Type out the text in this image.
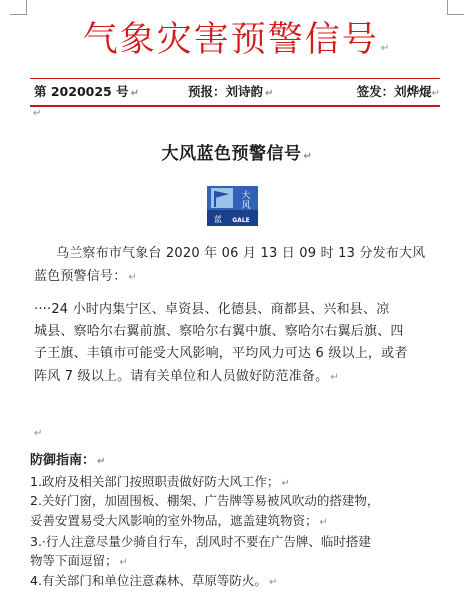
气象灾害预警信号 ↵
第 2020025 号 ↵	预报：刘诗韵 ↵	签发：刘烨焜↵
↵
大风蓝色预警信号 ↵
大
风
蓝 GALE
乌兰察布市气象台 2020 年 06 月 13 日 09 时 13 分发布大风
蓝色预警信号： ↵
····24 小时内集宁区、卓资县、化德县、商都县、兴和县、凉
城县、察哈尔右翼前旗、察哈尔右翼中旗、察哈尔右翼后旗、四
子王旗、丰镇市可能受大风影响，平均风力可达 6 级以上，或者
阵风 7 级以上。请有关单位和人员做好防范准备。 ↵
↵
防御指南： ↵
1.政府及相关部门按照职责做好防大风工作； ↵
2.关好门窗，加固围板、棚架、广告牌等易被风吹动的搭建物，
妥善安置易受大风影响的室外物品，遮盖建筑物资； ↵
3.·行人注意尽量少骑自行车，刮风时不要在广告牌、临时搭建
物等下面逗留； ↵
4.有关部门和单位注意森林、草原等防火。 ↵
